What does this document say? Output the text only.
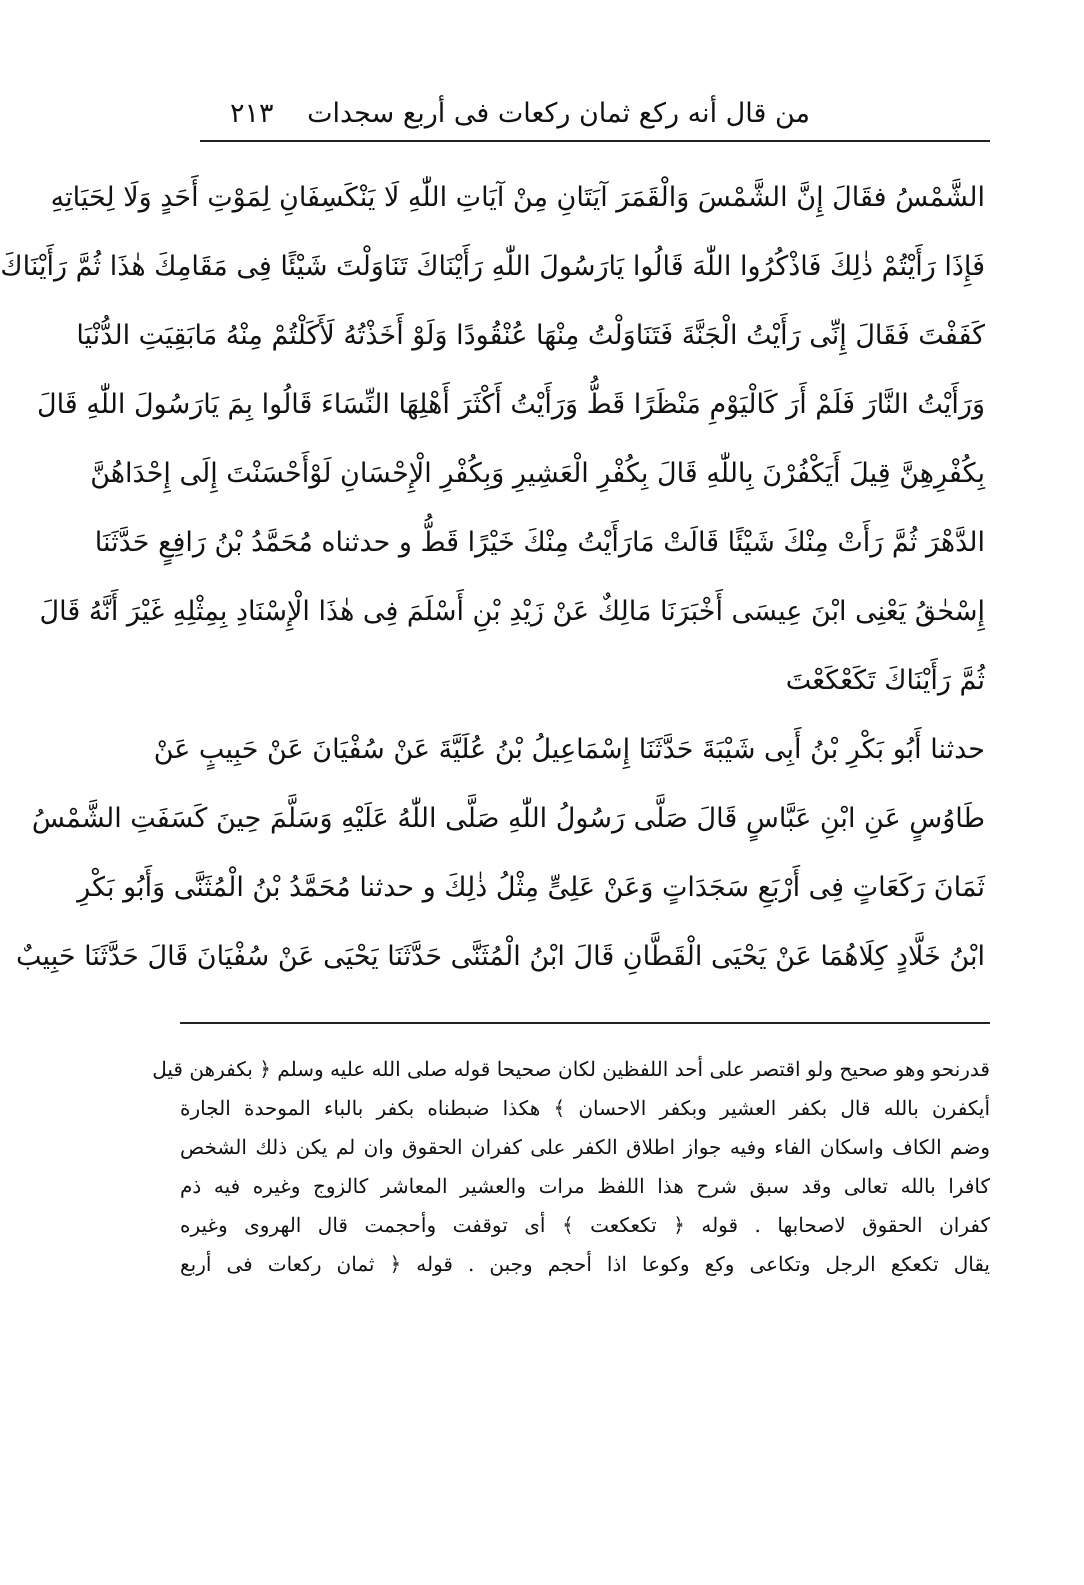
من قال أنه ركع ثمان ركعات فى أربع سجدات
٢١٣
الشَّمْسُ فقَالَ إِنَّ الشَّمْسَ وَالْقَمَرَ آيَتَانِ مِنْ آيَاتِ اللّٰهِ لَا يَنْكَسِفَانِ لِمَوْتِ أَحَدٍ وَلَا لِحَيَاتِهِ
فَإِذَا رَأَيْتُمْ ذٰلِكَ فَاذْكُرُوا اللّٰهَ قَالُوا يَارَسُولَ اللّٰهِ رَأَيْنَاكَ تَنَاوَلْتَ شَيْئًا فِى مَقَامِكَ هٰذَا ثُمَّ رَأَيْنَاكَ
كَفَفْتَ فَقَالَ إِنِّى رَأَيْتُ الْجَنَّةَ فَتَنَاوَلْتُ مِنْهَا عُنْقُودًا وَلَوْ أَخَذْتُهُ لَأَكَلْتُمْ مِنْهُ مَابَقِيَتِ الدُّنْيَا
وَرَأَيْتُ النَّارَ فَلَمْ أَرَ كَالْيَوْمِ مَنْظَرًا قَطُّ وَرَأَيْتُ أَكْثَرَ أَهْلِهَا النِّسَاءَ قَالُوا بِمَ يَارَسُولَ اللّٰهِ قَالَ
بِكُفْرِهِنَّ قِيلَ أَيَكْفُرْنَ بِاللّٰهِ قَالَ بِكُفْرِ الْعَشِيرِ وَبِكُفْرِ الْإِحْسَانِ لَوْأَحْسَنْتَ إِلَى إِحْدَاهُنَّ
الدَّهْرَ ثُمَّ رَأَتْ مِنْكَ شَيْئًا قَالَتْ مَارَأَيْتُ مِنْكَ خَيْرًا قَطُّ و حدثناه مُحَمَّدُ بْنُ رَافِعٍ حَدَّثَنَا
إِسْحٰقُ يَعْنِى ابْنَ عِيسَى أَخْبَرَنَا مَالِكٌ عَنْ زَيْدِ بْنِ أَسْلَمَ فِى هٰذَا الْإِسْنَادِ بِمِثْلِهِ غَيْرَ أَنَّهُ قَالَ
ثُمَّ رَأَيْنَاكَ تَكَعْكَعْتَ
حدثنا أَبُو بَكْرِ بْنُ أَبِى شَيْبَةَ حَدَّثَنَا إِسْمَاعِيلُ بْنُ عُلَيَّةَ عَنْ سُفْيَانَ عَنْ حَبِيبٍ عَنْ
طَاوُسٍ عَنِ ابْنِ عَبَّاسٍ قَالَ صَلَّى رَسُولُ اللّٰهِ صَلَّى اللّٰهُ عَلَيْهِ وَسَلَّمَ حِينَ كَسَفَتِ الشَّمْسُ
ثَمَانَ رَكَعَاتٍ فِى أَرْبَعِ سَجَدَاتٍ وَعَنْ عَلِىٍّ مِثْلُ ذٰلِكَ و حدثنا مُحَمَّدُ بْنُ الْمُثَنَّى وَأَبُو بَكْرِ
ابْنُ خَلَّادٍ كِلَاهُمَا عَنْ يَحْيَى الْقَطَّانِ قَالَ ابْنُ الْمُثَنَّى حَدَّثَنَا يَحْيَى عَنْ سُفْيَانَ قَالَ حَدَّثَنَا حَبِيبٌ
قدرنحو وهو صحيح ولو اقتصر على أحد اللفظين لكان صحيحا قوله صلى الله عليه وسلم ﴿ بكفرهن قيل
أيكفرن بالله قال بكفر العشير وبكفر الاحسان ﴾ هكذا ضبطناه بكفر بالباء الموحدة الجارة
وضم الكاف واسكان الفاء وفيه جواز اطلاق الكفر على كفران الحقوق وان لم يكن ذلك الشخص
كافرا بالله تعالى وقد سبق شرح هذا اللفظ مرات والعشير المعاشر كالزوج وغيره فيه ذم
كفران الحقوق لاصحابها . قوله ﴿ تكعكعت ﴾ أى توقفت وأحجمت قال الهروى وغيره
يقال تكعكع الرجل وتكاعى وكع وكوعا اذا أحجم وجبن . قوله ﴿ ثمان ركعات فى أربع
